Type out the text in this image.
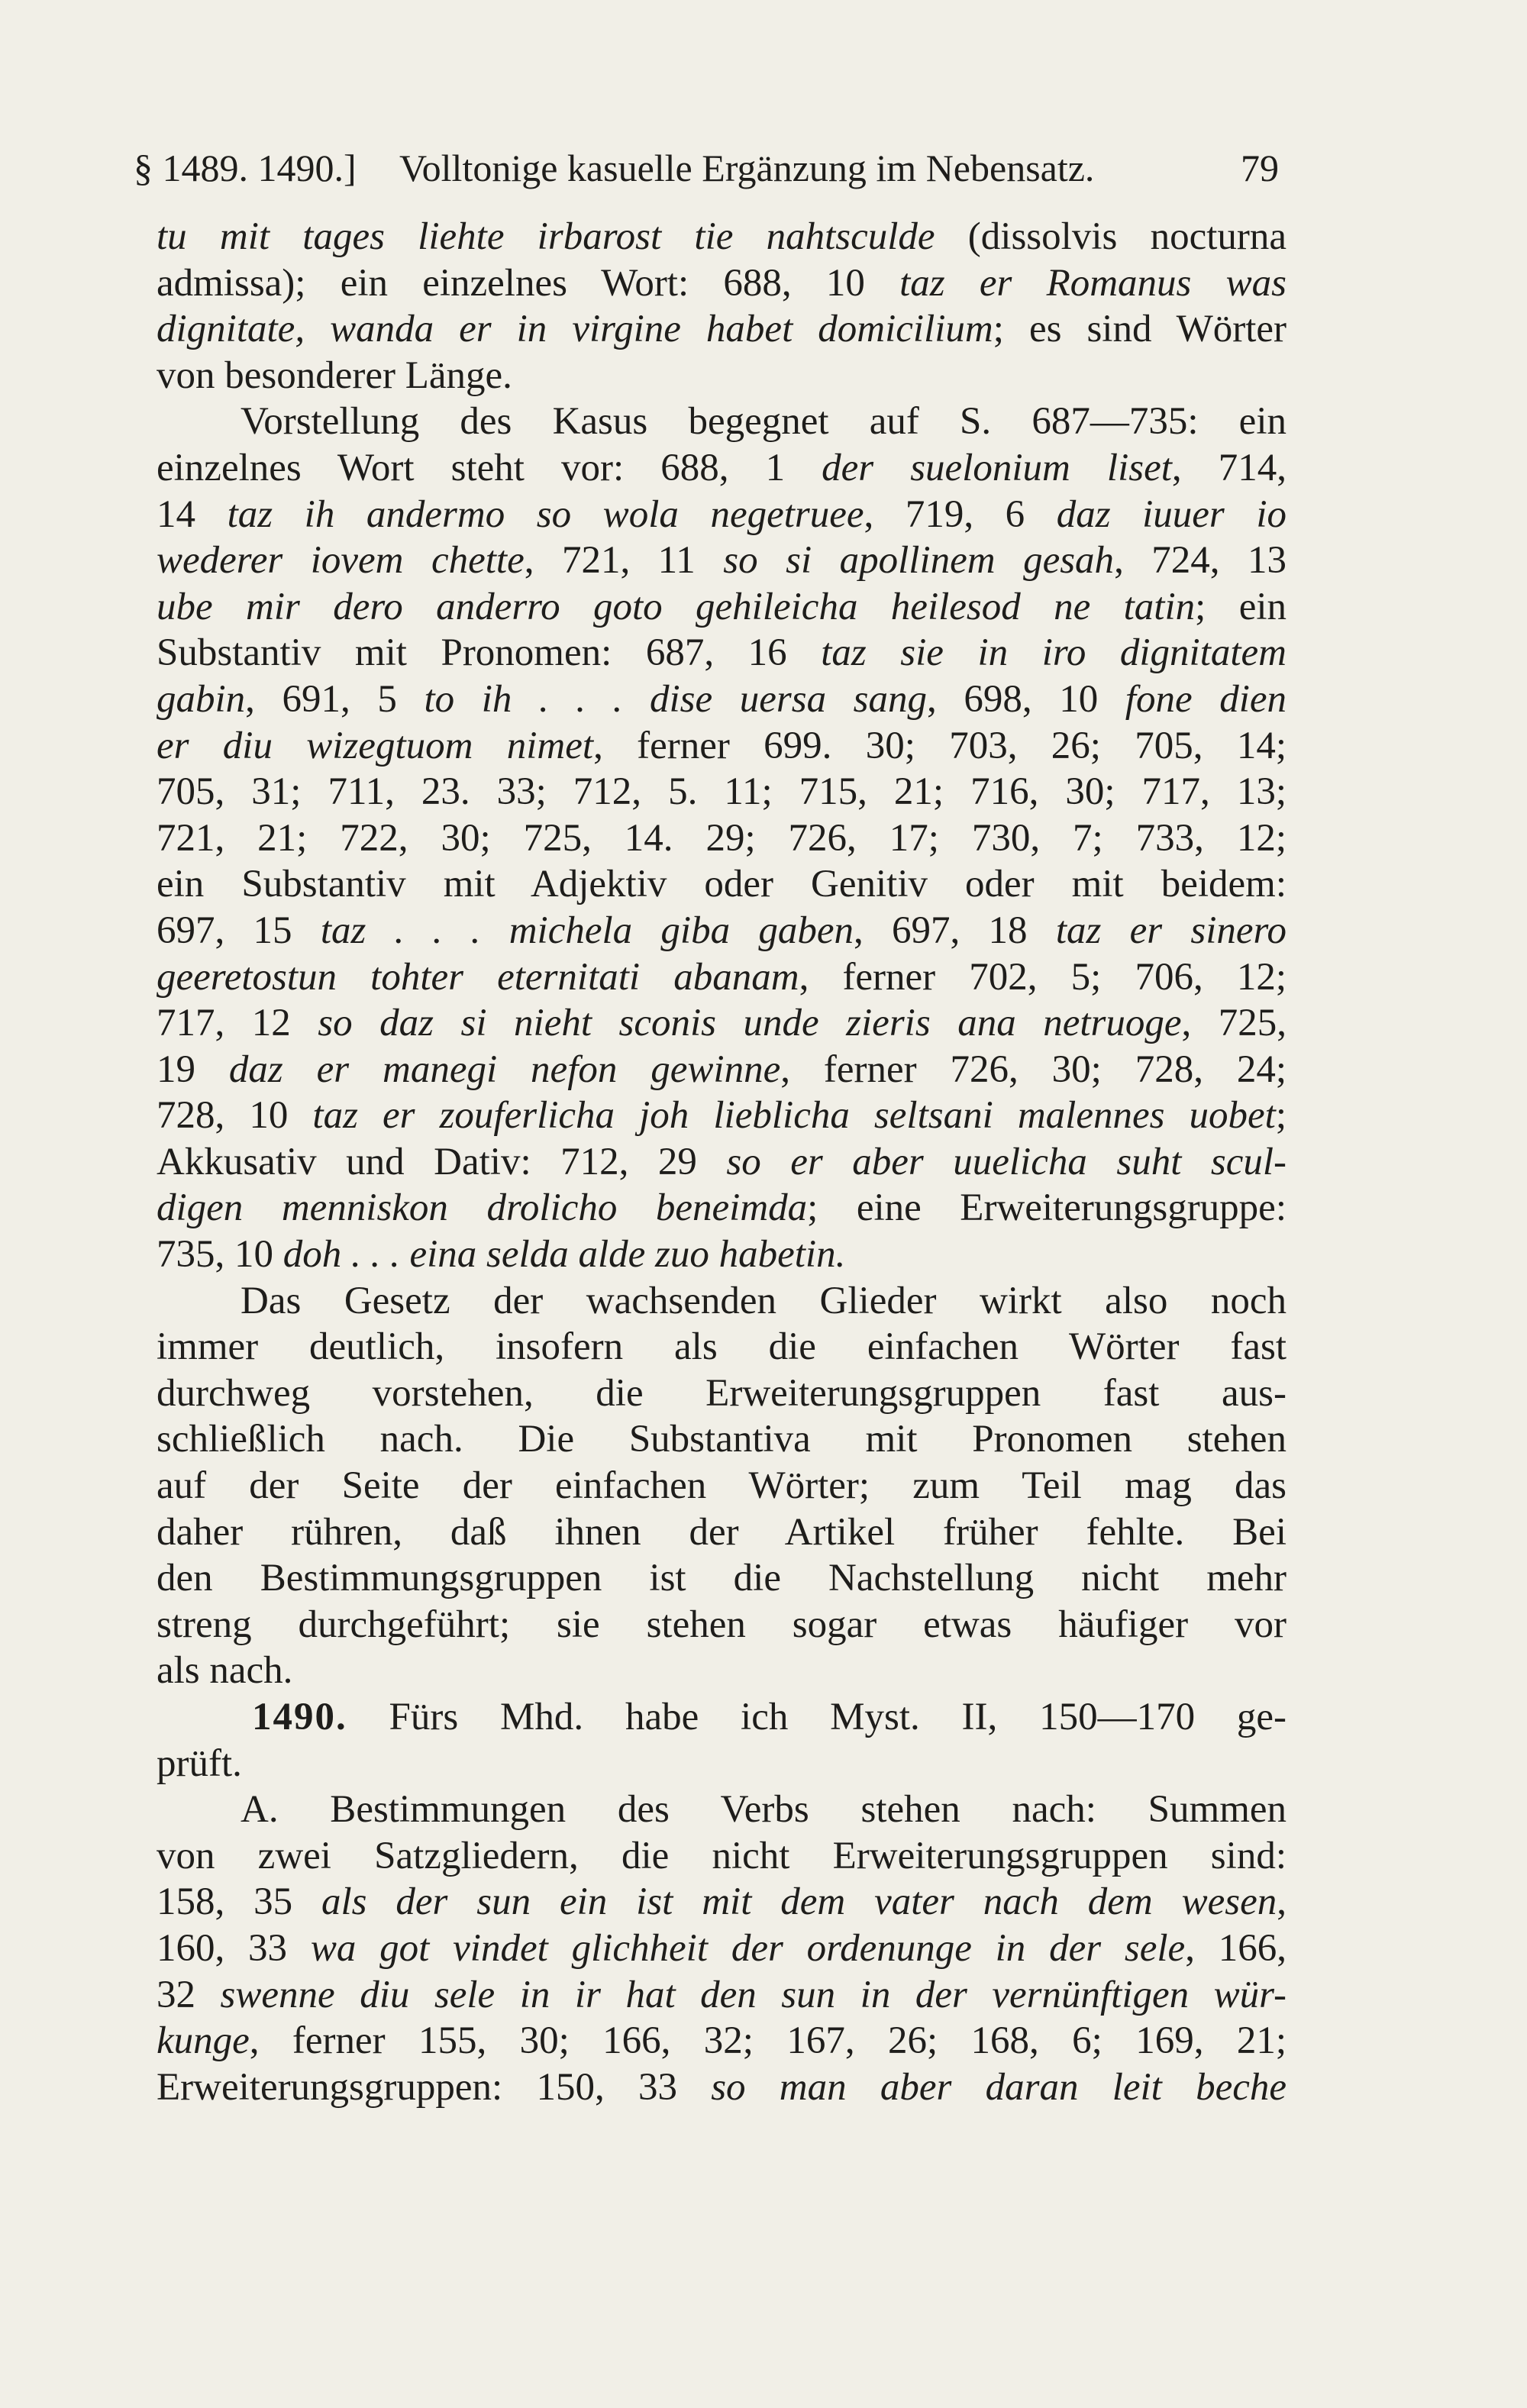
§ 1489. 1490.] Volltonige kasuelle Ergänzung im Nebensatz.	79
tu mit tages liehte irbarost tie nahtsculde (dissolvis nocturna
admissa); ein einzelnes Wort: 688, 10 taz er Romanus was
dignitate, wanda er in virgine habet domicilium; es sind Wörter
von besonderer Länge.
Vorstellung des Kasus begegnet auf S. 687—735: ein
einzelnes Wort steht vor: 688, 1 der suelonium liset, 714,
14 taz ih andermo so wola negetruee, 719, 6 daz iuuer io
wederer iovem chette, 721, 11 so si apollinem gesah, 724, 13
ube mir dero anderro goto gehileicha heilesod ne tatin; ein
Substantiv mit Pronomen: 687, 16 taz sie in iro dignitatem
gabin, 691, 5 to ih . . . dise uersa sang, 698, 10 fone dien
er diu wizegtuom nimet, ferner 699. 30; 703, 26; 705, 14;
705, 31; 711, 23. 33; 712, 5. 11; 715, 21; 716, 30; 717, 13;
721, 21; 722, 30; 725, 14. 29; 726, 17; 730, 7; 733, 12;
ein Substantiv mit Adjektiv oder Genitiv oder mit beidem:
697, 15 taz . . . michela giba gaben, 697, 18 taz er sinero
geeretostun tohter eternitati abanam, ferner 702, 5; 706, 12;
717, 12 so daz si nieht sconis unde zieris ana netruoge, 725,
19 daz er manegi nefon gewinne, ferner 726, 30; 728, 24;
728, 10 taz er zouferlicha joh lieblicha seltsani malennes uobet;
Akkusativ und Dativ: 712, 29 so er aber uuelicha suht scul-
digen menniskon drolicho beneimda; eine Erweiterungsgruppe:
735, 10 doh . . . eina selda alde zuo habetin.
Das Gesetz der wachsenden Glieder wirkt also noch
immer deutlich, insofern als die einfachen Wörter fast
durchweg vorstehen, die Erweiterungsgruppen fast aus-
schließlich nach. Die Substantiva mit Pronomen stehen
auf der Seite der einfachen Wörter; zum Teil mag das
daher rühren, daß ihnen der Artikel früher fehlte. Bei
den Bestimmungsgruppen ist die Nachstellung nicht mehr
streng durchgeführt; sie stehen sogar etwas häufiger vor
als nach.
1490. Fürs Mhd. habe ich Myst. II, 150—170 ge-
prüft.
A. Bestimmungen des Verbs stehen nach: Summen
von zwei Satzgliedern, die nicht Erweiterungsgruppen sind:
158, 35 als der sun ein ist mit dem vater nach dem wesen,
160, 33 wa got vindet glichheit der ordenunge in der sele, 166,
32 swenne diu sele in ir hat den sun in der vernünftigen wür-
kunge, ferner 155, 30; 166, 32; 167, 26; 168, 6; 169, 21;
Erweiterungsgruppen: 150, 33 so man aber daran leit beche
